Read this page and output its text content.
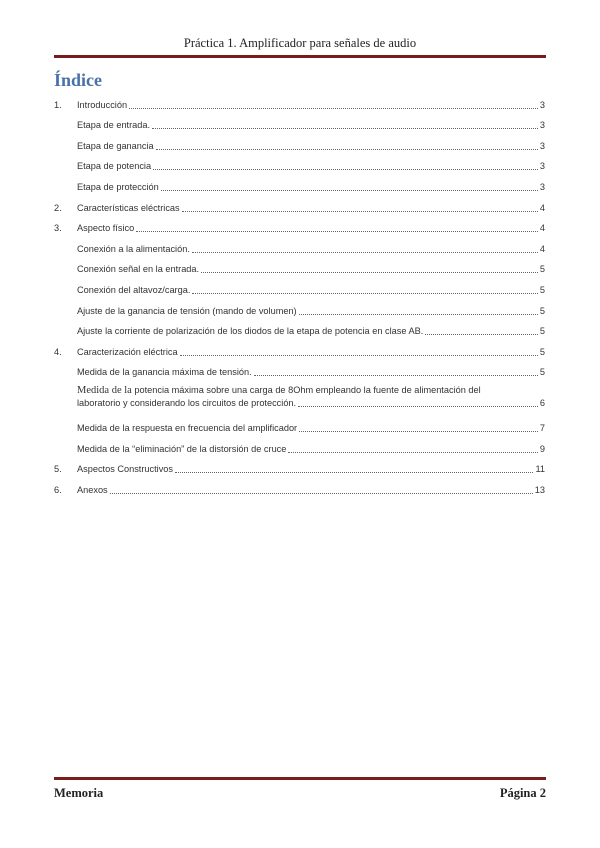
Práctica 1. Amplificador para señales de audio
Índice
1.	Introducción	3
Etapa de entrada.	3
Etapa de ganancia	3
Etapa de potencia	3
Etapa de protección	3
2.	Características eléctricas	4
3.	Aspecto físico	4
Conexión a la alimentación.	4
Conexión señal en la entrada.	5
Conexión del altavoz/carga.	5
Ajuste de la ganancia de tensión (mando de volumen)	5
Ajuste la corriente de polarización de los diodos de la etapa de potencia en clase AB.	5
4.	Caracterización eléctrica	5
Medida de la ganancia máxima de tensión.	5
Medida de la potencia máxima sobre una carga de 8Ohm empleando la fuente de alimentación del
laboratorio y considerando los circuitos de protección.	6
Medida de la respuesta en frecuencia del amplificador	7
Medida de la “eliminación” de la distorsión de cruce	9
5.	Aspectos Constructivos	11
6.	Anexos	13
Memoria	Página 2
